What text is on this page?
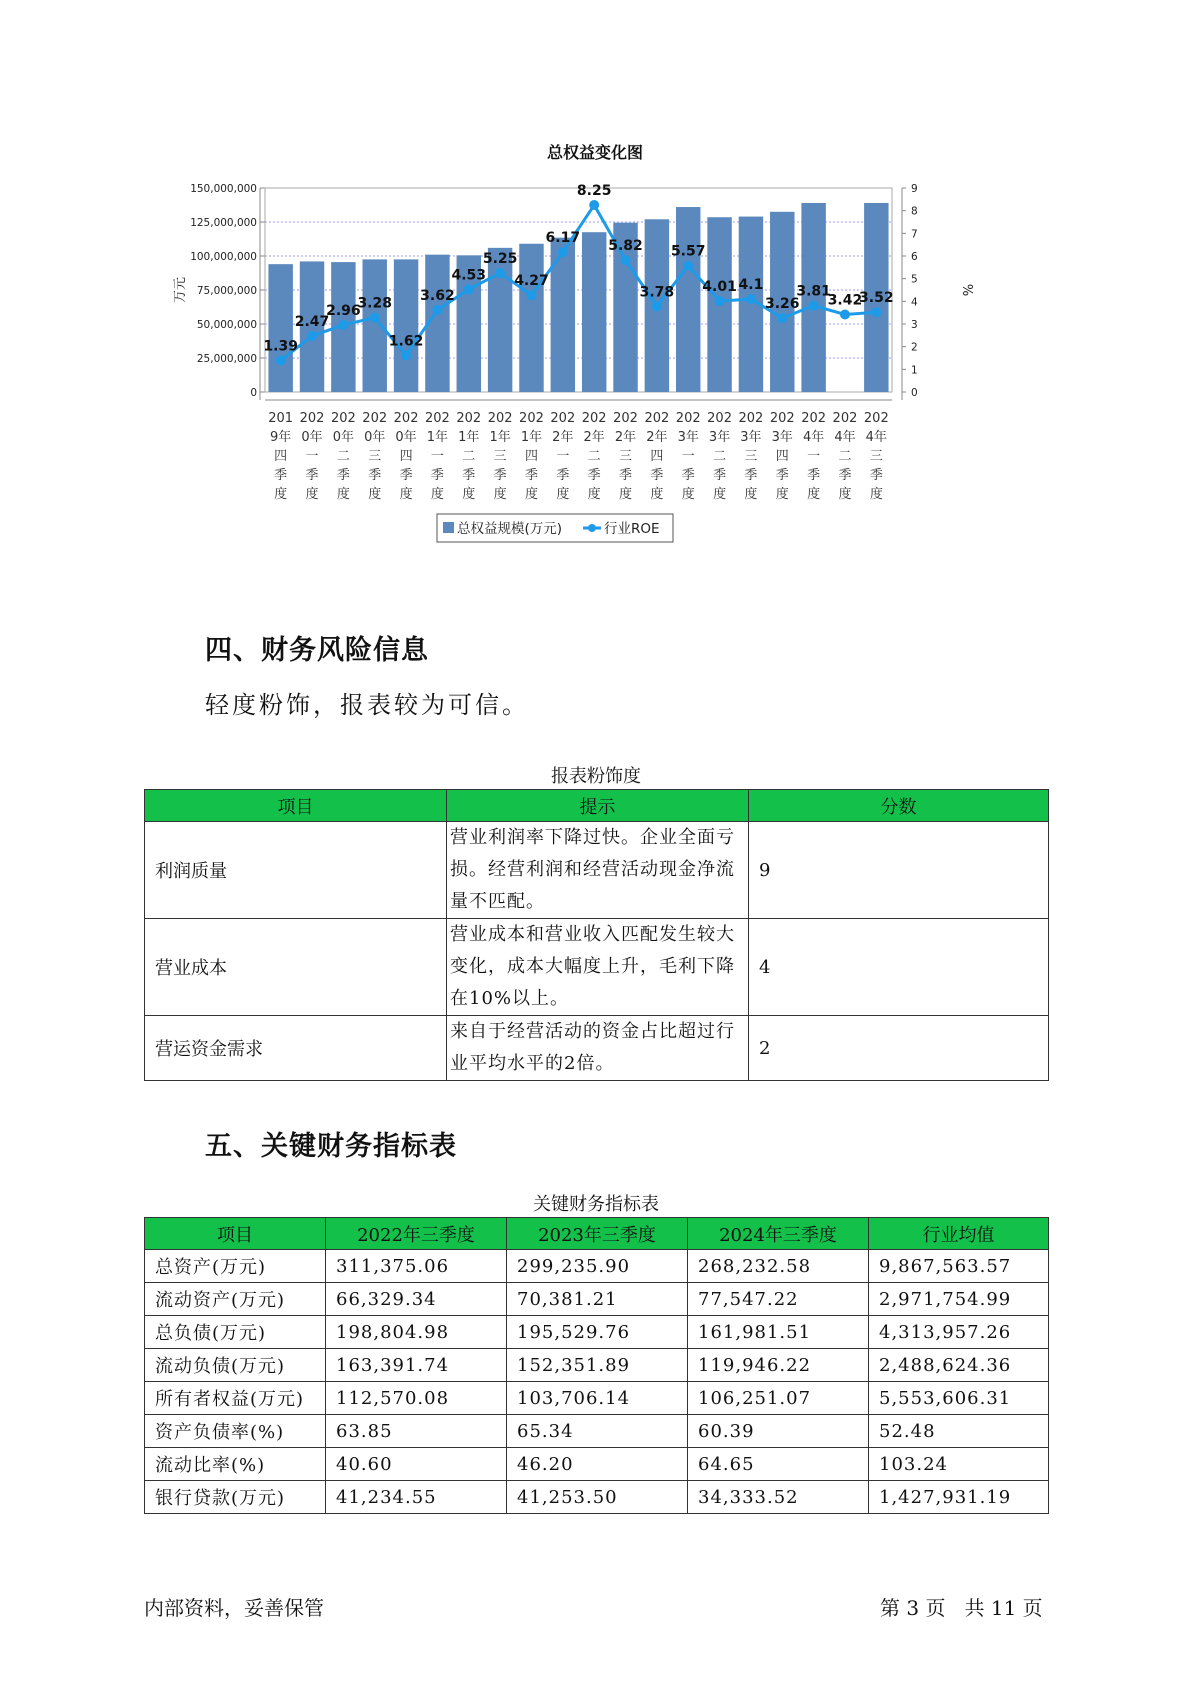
总权益变化图
0
25,000,000
50,000,000
75,000,000
100,000,000
125,000,000
150,000,000
0
1
2
3
4
5
6
7
8
9
万元	%
1.39
2.47
2.96
3.28
1.62
3.62
4.53
5.25
4.27
6.17
8.25
5.82
3.78
5.57
4.01 4.1
3.26
3.81
3.42
3.52
201 9年四季度
202 0年一季度
202 0年二季度
202 0年三季度
202 0年四季度
202 1年一季度
202 1年二季度
202 1年三季度
202 1年四季度
202 2年一季度
202 2年二季度
202 2年三季度
202 2年四季度
202 3年一季度
202 3年二季度
202 3年三季度
202 3年四季度
202 4年一季度
202 4年二季度
202 4年三季度
总权益规模(万元)	行业ROE
四、财务风险信息
轻度粉饰，报表较为可信。
报表粉饰度
项目	提示	分数
利润质量	营业利润率下降过快。企业全面亏损。经营利润和经营活动现金净流量不匹配。	9
营业成本	营业成本和营业收入匹配发生较大变化，成本大幅度上升，毛利下降在10%以上。	4
营运资金需求	来自于经营活动的资金占比超过行业平均水平的2倍。	2
五、关键财务指标表
关键财务指标表
项目	2022年三季度	2023年三季度	2024年三季度	行业均值
总资产(万元)	311,375.06	299,235.90	268,232.58	9,867,563.57
流动资产(万元)	66,329.34	70,381.21	77,547.22	2,971,754.99
总负债(万元)	198,804.98	195,529.76	161,981.51	4,313,957.26
流动负债(万元)	163,391.74	152,351.89	119,946.22	2,488,624.36
所有者权益(万元)	112,570.08	103,706.14	106,251.07	5,553,606.31
资产负债率(%)	63.85	65.34	60.39	52.48
流动比率(%)	40.60	46.20	64.65	103.24
银行贷款(万元)	41,234.55	41,253.50	34,333.52	1,427,931.19
内部资料，妥善保管	第 3 页   共 11 页
